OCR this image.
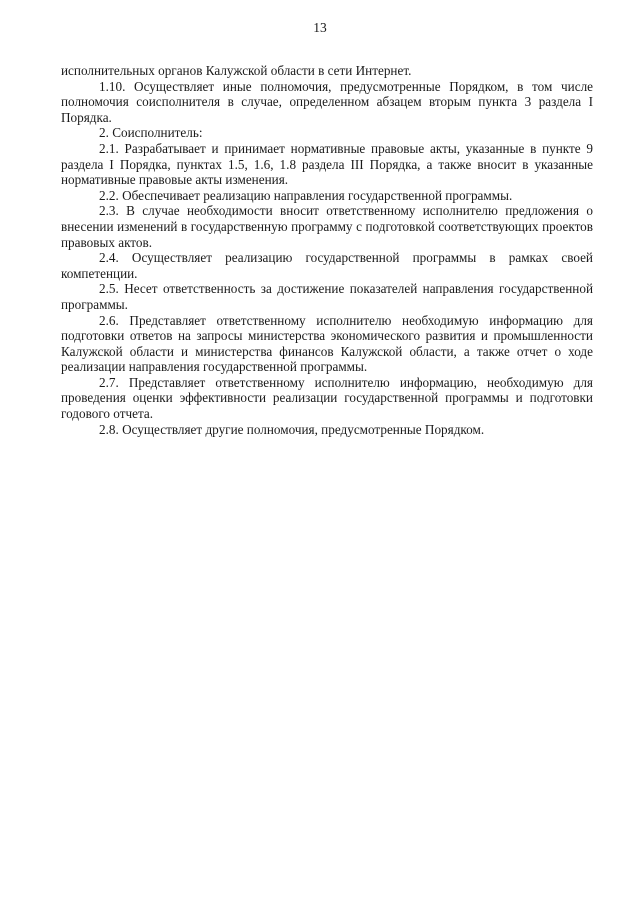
13

исполнительных органов Калужской области в сети Интернет.

1.10. Осуществляет иные полномочия, предусмотренные Порядком, в том числе полномочия соисполнителя в случае, определенном абзацем вторым пункта 3 раздела I Порядка.

2. Соисполнитель:

2.1. Разрабатывает и принимает нормативные правовые акты, указанные в пункте 9 раздела I Порядка, пунктах 1.5, 1.6, 1.8 раздела III Порядка, а также вносит в указанные нормативные правовые акты изменения.

2.2. Обеспечивает реализацию направления государственной программы.

2.3. В случае необходимости вносит ответственному исполнителю предложения о внесении изменений в государственную программу с подготовкой соответствующих проектов правовых актов.

2.4. Осуществляет реализацию государственной программы в рамках своей компетенции.

2.5. Несет ответственность за достижение показателей направления государственной программы.

2.6. Представляет ответственному исполнителю необходимую информацию для подготовки ответов на запросы министерства экономического развития и промышленности Калужской области и министерства финансов Калужской области, а также отчет о ходе реализации направления государственной программы.

2.7. Представляет ответственному исполнителю информацию, необходимую для проведения оценки эффективности реализации государственной программы и подготовки годового отчета.

2.8. Осуществляет другие полномочия, предусмотренные Порядком.
